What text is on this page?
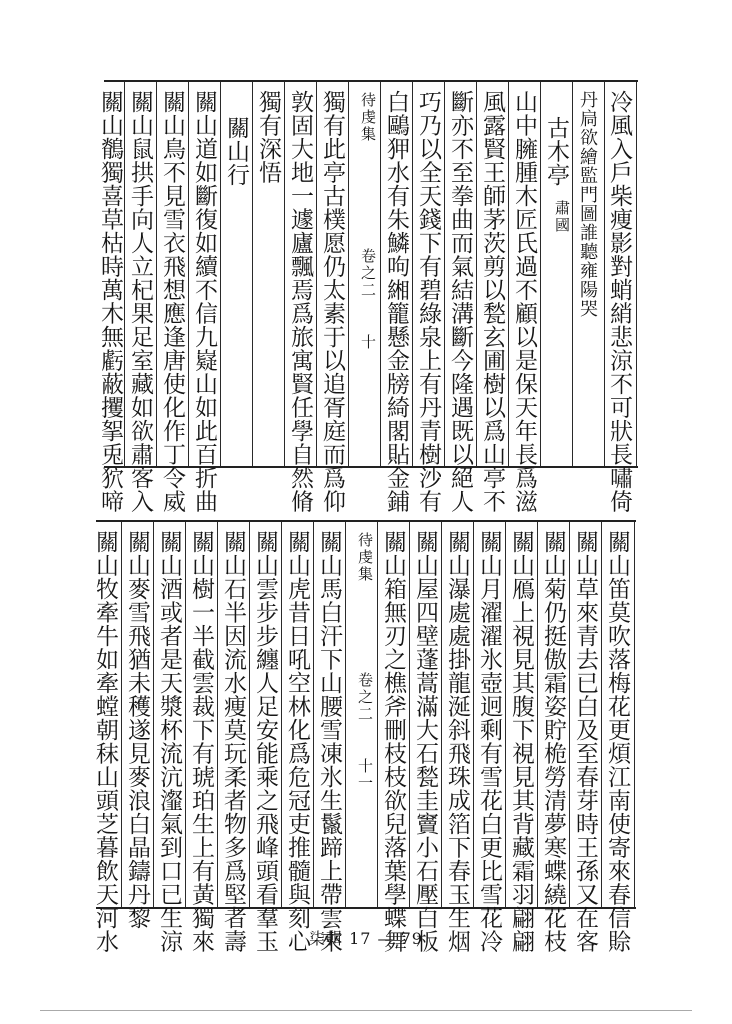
冷風入戶柴痩影對蛸綃悲涼不可狀長嘯倚
丹扃欲繪監門圖誰聽雍陽哭
古木亭
肅國
山中臃腫木匠氏過不顧以是保天年長爲滋
風露賢王師茅茨剪以甃玄圃樹以爲山亭不
斷亦不至拳曲而氣結溝斷今隆遇既以絕人
巧乃以全天錢下有碧綠泉上有丹青樹沙有
白鷗狎水有朱鱗呴緗籠懸金牓綺閣貼金鋪
待虔集
卷之二
十
獨有此亭古樸愿仍太素于以追胥庭而爲仰
敦固大地一遽廬飄焉爲旅寓賢任學自然脩
獨有深悟
關山行
關山道如斷復如續不信九嶷山如此百折曲
關山鳥不見雪衣飛想應逢唐使化作丁令威
關山鼠拱手向人立杞果足室藏如欲肅客入
關山鶺獨喜草枯時萬木無虧蔽攫挐兎狖啼
關山笛莫吹落梅花更煩江南使寄來春信賒
關山草來青去已白及至春芽時王孫又在客
關山菊仍挺傲霜姿貯桅勞清夢寒蝶繞花枝
關山鴈上視見其腹下視見其背藏霜羽翩翩
關山月濯濯氷壺迥剩有雪花白更比雪花冷
關山瀑處處掛龍涎斜飛珠成箔下春玉生烟
關山屋四壁蓬蒿滿大石甃圭竇小石壓白板
關山箱無刃之樵斧刪枝枝欲兒落葉學蝶舞
待虔集
卷之二
十一
關山馬白汗下山腰雪凍氷生鬣蹄上帶雲來
關山虎昔日吼空林化爲危冠吏推髓與刻心
關山雲步步纏人足安能乘之飛峰頭看羣玉
關山石半因流水痩莫玩柔者物多爲堅者壽
關山樹一半截雲裁下有琥珀生上有黃獨來
關山酒或者是天漿杯流沆瀣氣到口已生涼
關山麥雪飛猶未穫遂見麥浪白晶鑄丹黎
關山牧牽牛如牽螳朝秣山頭芝暮飲天河水	柒輯 17 — 79
